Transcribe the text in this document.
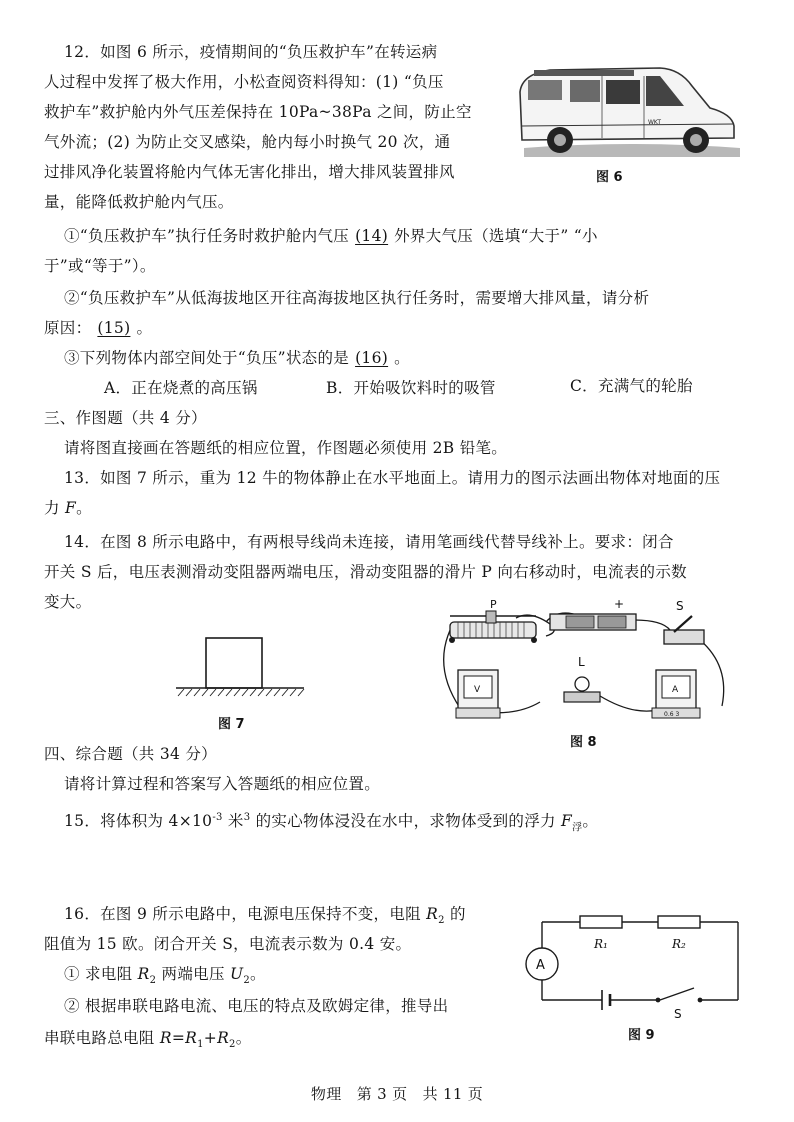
12．如图 6 所示，疫情期间的“负压救护车”在转运病
人过程中发挥了极大作用，小松查阅资料得知：(1) “负压
救护车”救护舱内外气压差保持在 10Pa~38Pa 之间，防止空
气外流；(2) 为防止交叉感染，舱内每小时换气 20 次，通
过排风净化装置将舱内气体无害化排出，增大排风装置排风
量，能降低救护舱内气压。
WKT
图 6
①“负压救护车”执行任务时救护舱内气压 (14) 外界大气压（选填“大于” “小
于”或“等于”）。
②“负压救护车”从低海拔地区开往高海拔地区执行任务时，需要增大排风量，请分析
原因： (15) 。
③下列物体内部空间处于“负压”状态的是 (16) 。
A．正在烧煮的高压锅	B．开始吸饮料时的吸管	C．充满气的轮胎
三、作图题（共 4 分）
请将图直接画在答题纸的相应位置，作图题必须使用 2B 铅笔。
13．如图 7 所示，重为 12 牛的物体静止在水平地面上。请用力的图示法画出物体对地面的压
力 F。
14．在图 8 所示电路中，有两根导线尚未连接，请用笔画线代替导线补上。要求：闭合
开关 S 后，电压表测滑动变阻器两端电压，滑动变阻器的滑片 P 向右移动时，电流表的示数
变大。
图 7
P	+	S
L
V	A
0.6 3
图 8
四、综合题（共 34 分）
请将计算过程和答案写入答题纸的相应位置。
15．将体积为 $4\times 10^{-3}$ 米$^3$ 的实心物体浸没在水中，求物体受到的浮力 $F_浮$。
16．在图 9 所示电路中，电源电压保持不变，电阻 $R_2$ 的
阻值为 15 欧。闭合开关 S，电流表示数为 0.4 安。
① 求电阻 $R_2$ 两端电压 $U_2$。
② 根据串联电路电流、电压的特点及欧姆定律，推导出
串联电路总电阻 $R=R_1+R_2$。
R₁	R₂
A
S
图 9
物理　第 3 页　共 11 页
